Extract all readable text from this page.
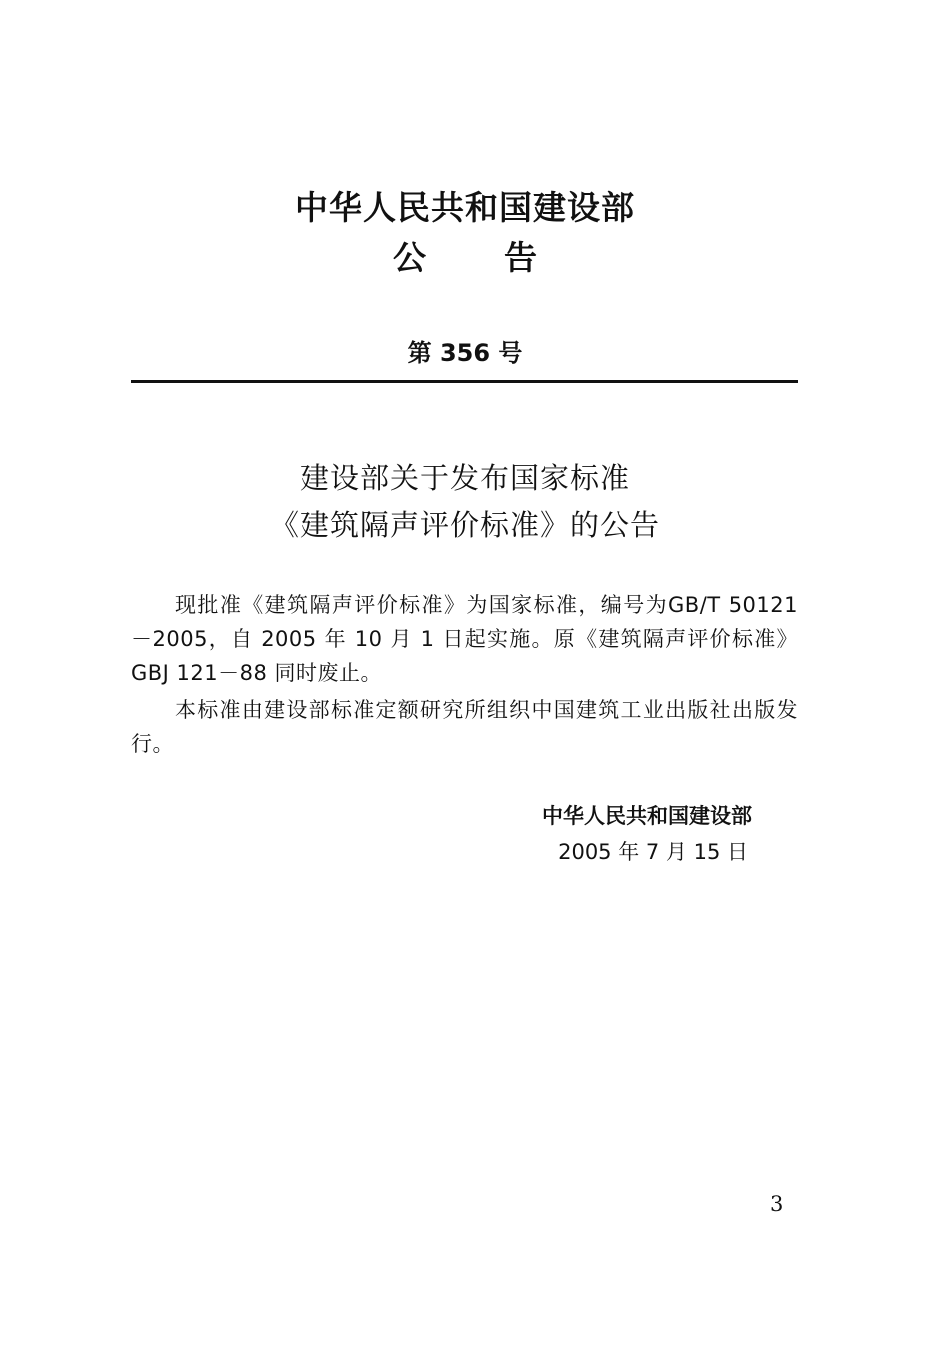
中华人民共和国建设部
公告
第 356 号
建设部关于发布国家标准
《建筑隔声评价标准》的公告
现批准《建筑隔声评价标准》为国家标准，编号为GB/T 50121－2005，自 2005 年 10 月 1 日起实施。原《建筑隔声评价标准》GBJ 121－88 同时废止。
本标准由建设部标准定额研究所组织中国建筑工业出版社出版发行。
中华人民共和国建设部
2005 年 7 月 15 日
3
